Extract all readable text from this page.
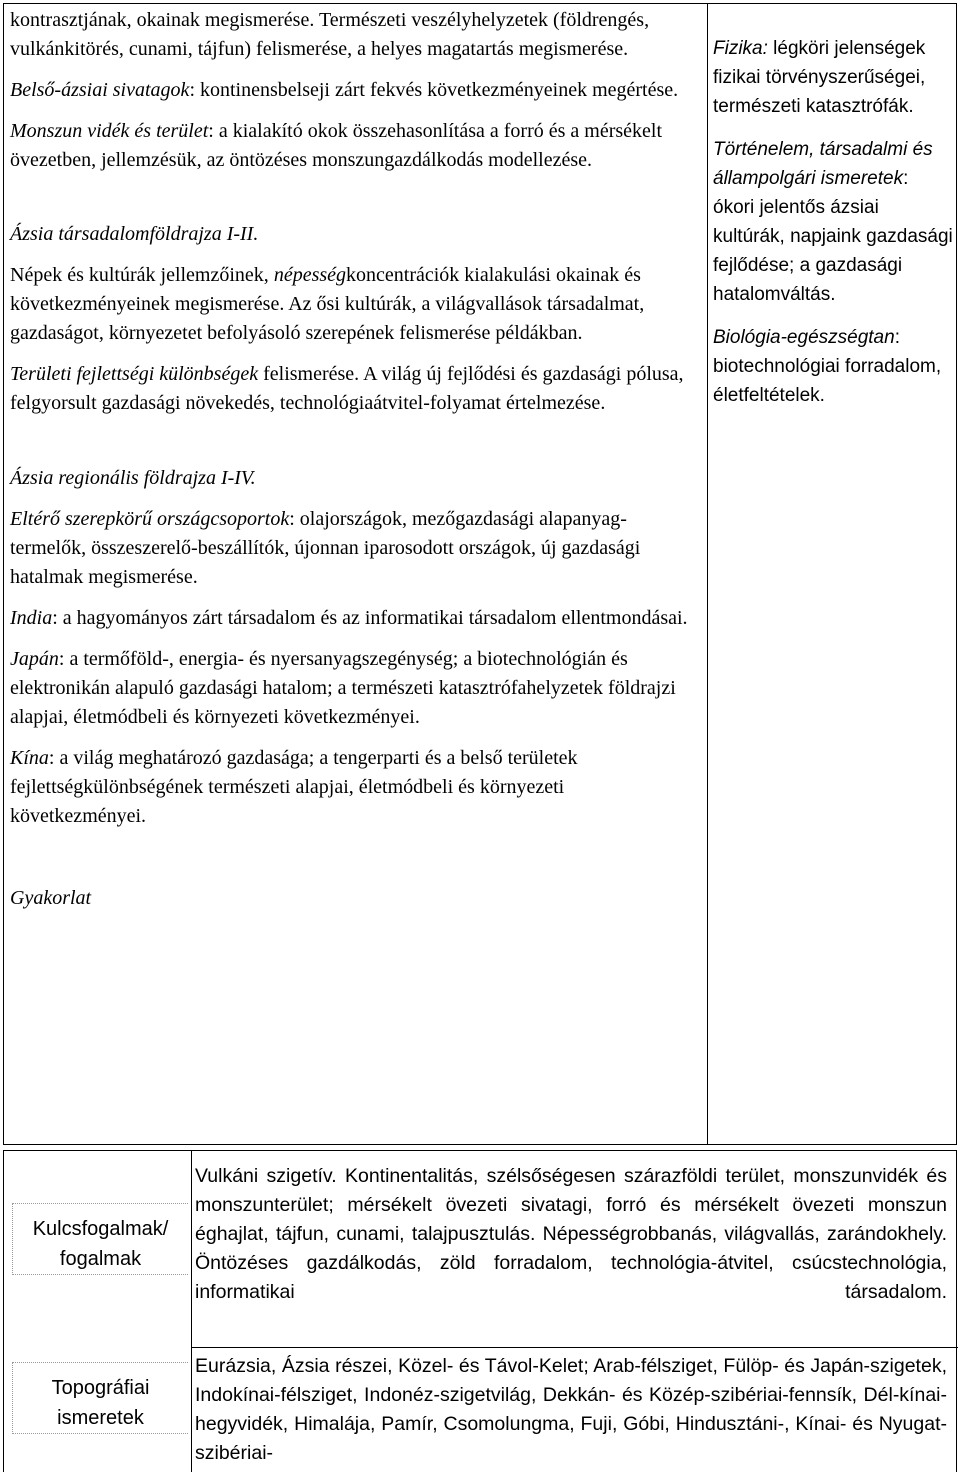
kontrasztjának, okainak megismerése. Természeti veszélyhelyzetek (földrengés, vulkánkitörés, cunami, tájfun) felismerése, a helyes magatartás megismerése.

Belső-ázsiai sivatagok: kontinensbelseji zárt fekvés következményeinek megértése.

Monszun vidék és terület: a kialakító okok összehasonlítása a forró és a mérsékelt övezetben, jellemzésük, az öntözéses monszungazdálkodás modellezése.

Ázsia társadalomföldrajza I-II.

Népek és kultúrák jellemzőinek, népességkoncentrációk kialakulási okainak és következményeinek megismerése. Az ősi kultúrák, a világvallások társadalmat, gazdaságot, környezetet befolyásoló szerepének felismerése példákban.

Területi fejlettségi különbségek felismerése. A világ új fejlődési és gazdasági pólusa, felgyorsult gazdasági növekedés, technológiaátvitel-folyamat értelmezése.

Ázsia regionális földrajza I-IV.

Eltérő szerepkörű országcsoportok: olajországok, mezőgazdasági alapanyag-termelők, összeszerelő-beszállítók, újonnan iparosodott országok, új gazdasági hatalmak megismerése.

India: a hagyományos zárt társadalom és az informatikai társadalom ellentmondásai.

Japán: a termőföld-, energia- és nyersanyagszegénység; a biotechnológián és elektronikán alapuló gazdasági hatalom; a természeti katasztrófahelyzetek földrajzi alapjai, életmódbeli és környezeti következményei.

Kína: a világ meghatározó gazdasága; a tengerparti és a belső területek fejlettségkülönbségének természeti alapjai, életmódbeli és környezeti következményei.

Gyakorlat

Fizika: légköri jelenségek fizikai törvényszerűségei, természeti katasztrófák.

Történelem, társadalmi és állampolgári ismeretek: ókori jelentős ázsiai kultúrák, napjaink gazdasági fejlődése; a gazdasági hatalomváltás.

Biológia-egészségtan: biotechnológiai forradalom, életfeltételek.

Kulcsfogalmak/ fogalmak
Vulkáni szigetív. Kontinentalitás, szélsőségesen szárazföldi terület, monszunvidék és monszunterület; mérsékelt övezeti sivatagi, forró és mérsékelt övezeti monszun éghajlat, tájfun, cunami, talajpusztulás. Népességrobbanás, világvallás, zarándokhely. Öntözéses gazdálkodás, zöld forradalom, technológia-átvitel, csúcstechnológia, informatikai társadalom.
Topográfiai ismeretek
Eurázsia, Ázsia részei, Közel- és Távol-Kelet; Arab-félsziget, Fülöp- és Japán-szigetek, Indokínai-félsziget, Indonéz-szigetvilág, Dekkán- és Közép-szibériai-fennsík, Dél-kínai-hegyvidék, Himalája, Pamír, Csomolungma, Fuji, Góbi, Hindusztáni-, Kínai- és Nyugat-szibériai-
